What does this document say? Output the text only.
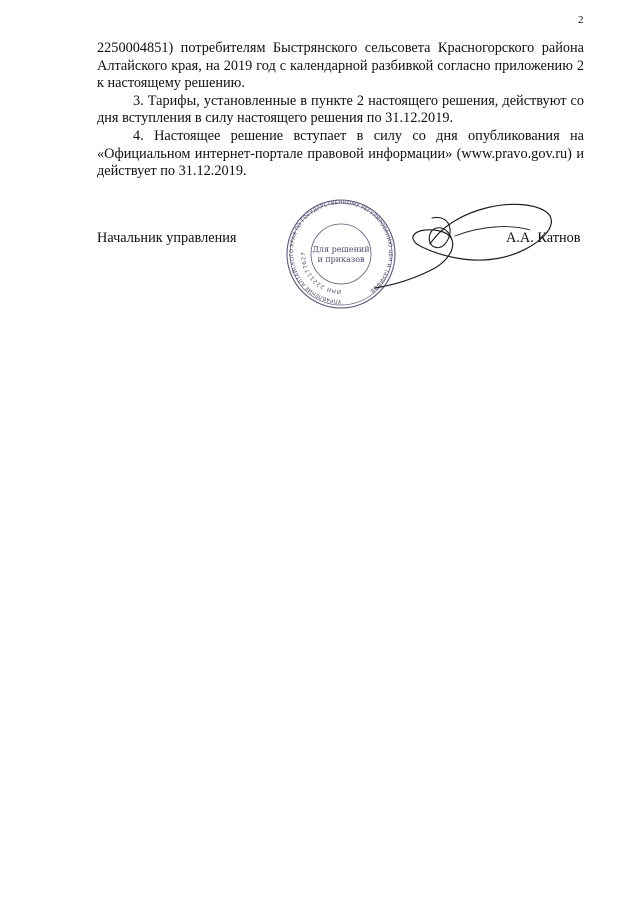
2

2250004851) потребителям Быстрянского сельсовета Красногорского района Алтайского края, на 2019 год с календарной разбивкой согласно приложению 2 к настоящему решению.

3. Тарифы, установленные в пункте 2 настоящего решения, действуют со дня вступления в силу настоящего решения по 31.12.2019.

4. Настоящее решение вступает в силу со дня опубликования на «Официальном интернет-портале правовой информации» (www.pravo.gov.ru) и действует по 31.12.2019.

Начальник управления	А.А. Катнов
УПРАВЛЕНИЕ АЛТАЙСКОГО КРАЯ ПО ГОСУДАРСТВЕННОМУ РЕГУЛИРОВАНИЮ ЦЕН И ТАРИФОВ
ИНН 2221177627 Для решений
и приказов
